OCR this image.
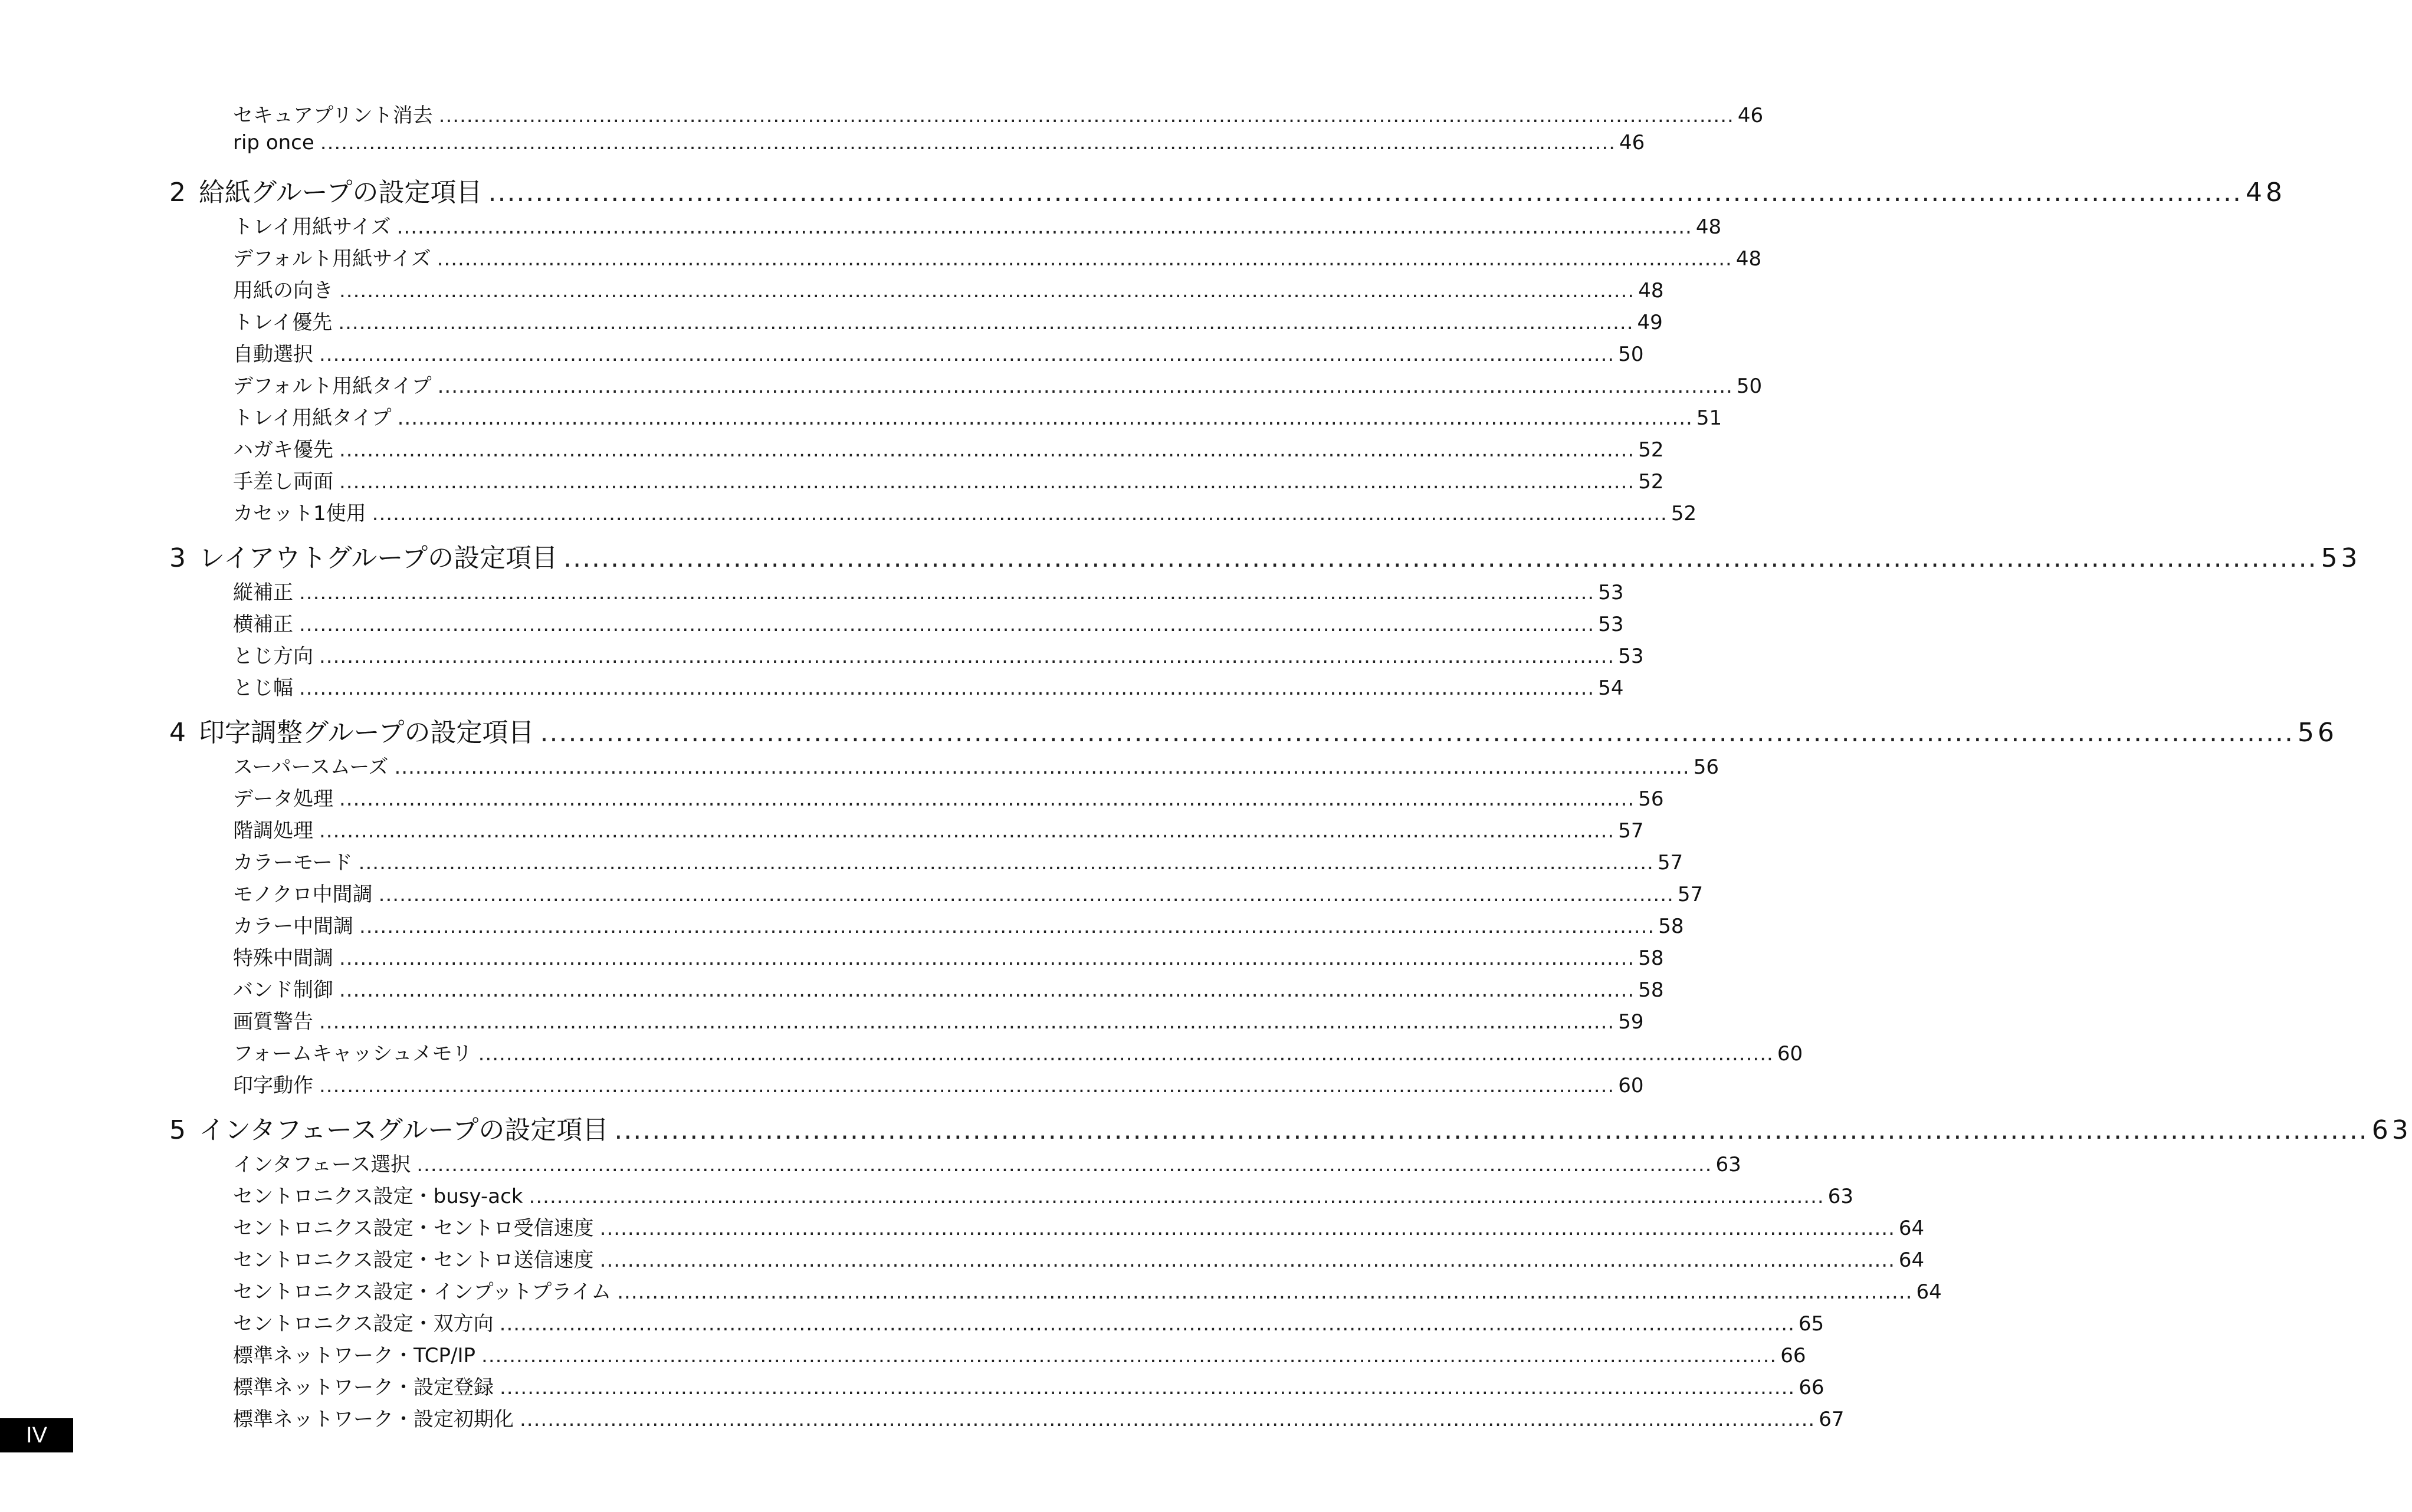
セキュアプリント消去 .......................................................................................................................................................................................... 46
rip once .......................................................................................................................................................................................... 46
2 給紙グループの設定項目 .......................................................................................................................................................................................... 48
トレイ用紙サイズ .......................................................................................................................................................................................... 48
デフォルト用紙サイズ .......................................................................................................................................................................................... 48
用紙の向き .......................................................................................................................................................................................... 48
トレイ優先 .......................................................................................................................................................................................... 49
自動選択 .......................................................................................................................................................................................... 50
デフォルト用紙タイプ .......................................................................................................................................................................................... 50
トレイ用紙タイプ .......................................................................................................................................................................................... 51
ハガキ優先 .......................................................................................................................................................................................... 52
手差し両面 .......................................................................................................................................................................................... 52
カセット1使用 .......................................................................................................................................................................................... 52
3 レイアウトグループの設定項目 .......................................................................................................................................................................................... 53
縦補正 .......................................................................................................................................................................................... 53
横補正 .......................................................................................................................................................................................... 53
とじ方向 .......................................................................................................................................................................................... 53
とじ幅 .......................................................................................................................................................................................... 54
4 印字調整グループの設定項目 .......................................................................................................................................................................................... 56
スーパースムーズ .......................................................................................................................................................................................... 56
データ処理 .......................................................................................................................................................................................... 56
階調処理 .......................................................................................................................................................................................... 57
カラーモード .......................................................................................................................................................................................... 57
モノクロ中間調 .......................................................................................................................................................................................... 57
カラー中間調 .......................................................................................................................................................................................... 58
特殊中間調 .......................................................................................................................................................................................... 58
バンド制御 .......................................................................................................................................................................................... 58
画質警告 .......................................................................................................................................................................................... 59
フォームキャッシュメモリ .......................................................................................................................................................................................... 60
印字動作 .......................................................................................................................................................................................... 60
5 インタフェースグループの設定項目 .......................................................................................................................................................................................... 63
インタフェース選択 .......................................................................................................................................................................................... 63
セントロニクス設定・busy-ack .......................................................................................................................................................................................... 63
セントロニクス設定・セントロ受信速度 .......................................................................................................................................................................................... 64
セントロニクス設定・セントロ送信速度 .......................................................................................................................................................................................... 64
セントロニクス設定・インプットプライム .......................................................................................................................................................................................... 64
セントロニクス設定・双方向 .......................................................................................................................................................................................... 65
標準ネットワーク・TCP/IP .......................................................................................................................................................................................... 66
標準ネットワーク・設定登録 .......................................................................................................................................................................................... 66
標準ネットワーク・設定初期化 .......................................................................................................................................................................................... 67
IV
